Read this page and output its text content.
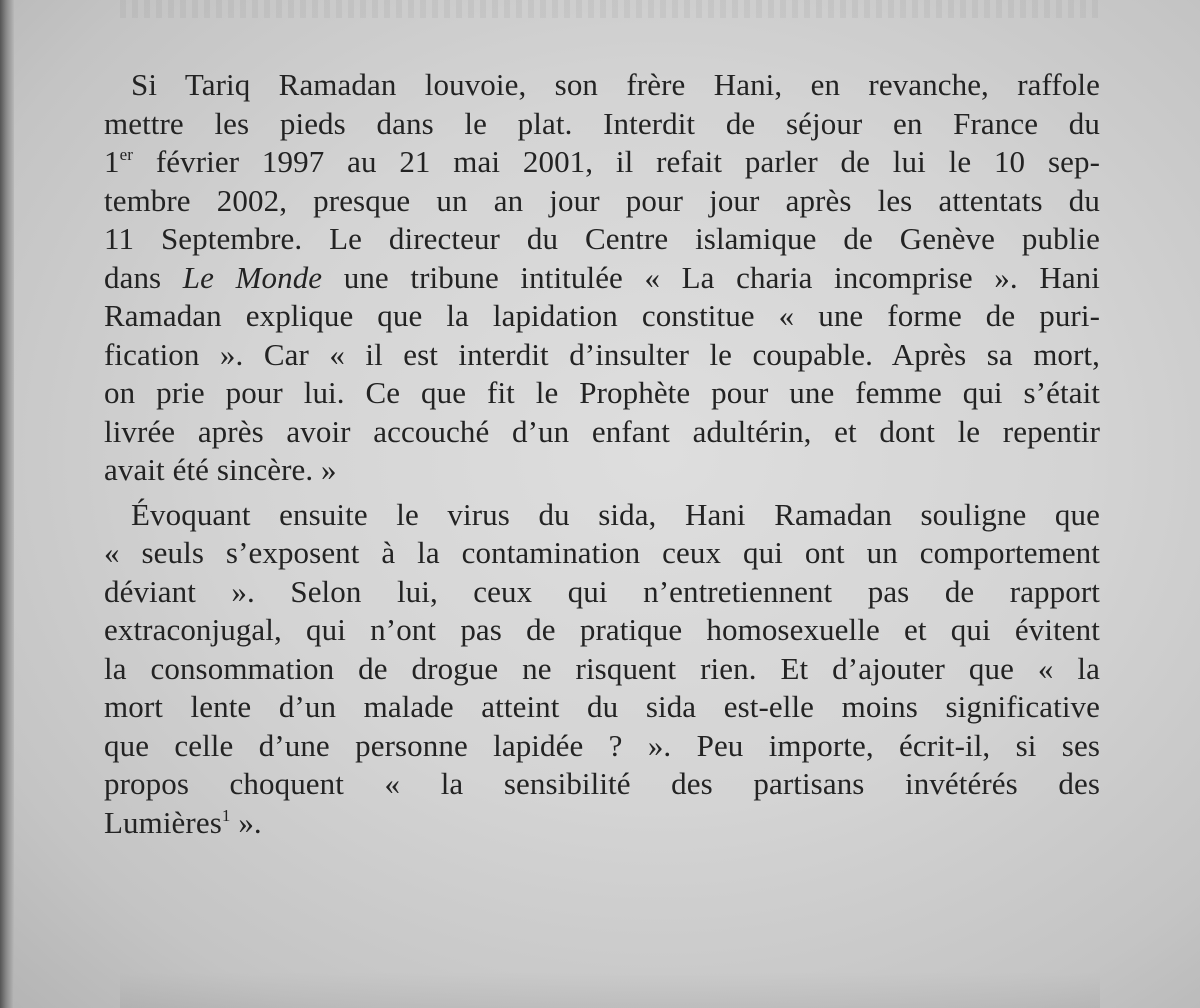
Si Tariq Ramadan louvoie, son frère Hani, en revanche, raffole
mettre les pieds dans le plat. Interdit de séjour en France du
1er février 1997 au 21 mai 2001, il refait parler de lui le 10 sep-
tembre 2002, presque un an jour pour jour après les attentats du
11 Septembre. Le directeur du Centre islamique de Genève publie
dans Le Monde une tribune intitulée « La charia incomprise ». Hani
Ramadan explique que la lapidation constitue « une forme de puri-
fication ». Car « il est interdit d’insulter le coupable. Après sa mort,
on prie pour lui. Ce que fit le Prophète pour une femme qui s’était
livrée après avoir accouché d’un enfant adultérin, et dont le repentir
avait été sincère. »

Évoquant ensuite le virus du sida, Hani Ramadan souligne que
« seuls s’exposent à la contamination ceux qui ont un comportement
déviant ». Selon lui, ceux qui n’entretiennent pas de rapport
extraconjugal, qui n’ont pas de pratique homosexuelle et qui évitent
la consommation de drogue ne risquent rien. Et d’ajouter que « la
mort lente d’un malade atteint du sida est-elle moins significative
que celle d’une personne lapidée ? ». Peu importe, écrit-il, si ses
propos choquent « la sensibilité des partisans invétérés des
Lumières$^1$ ».
